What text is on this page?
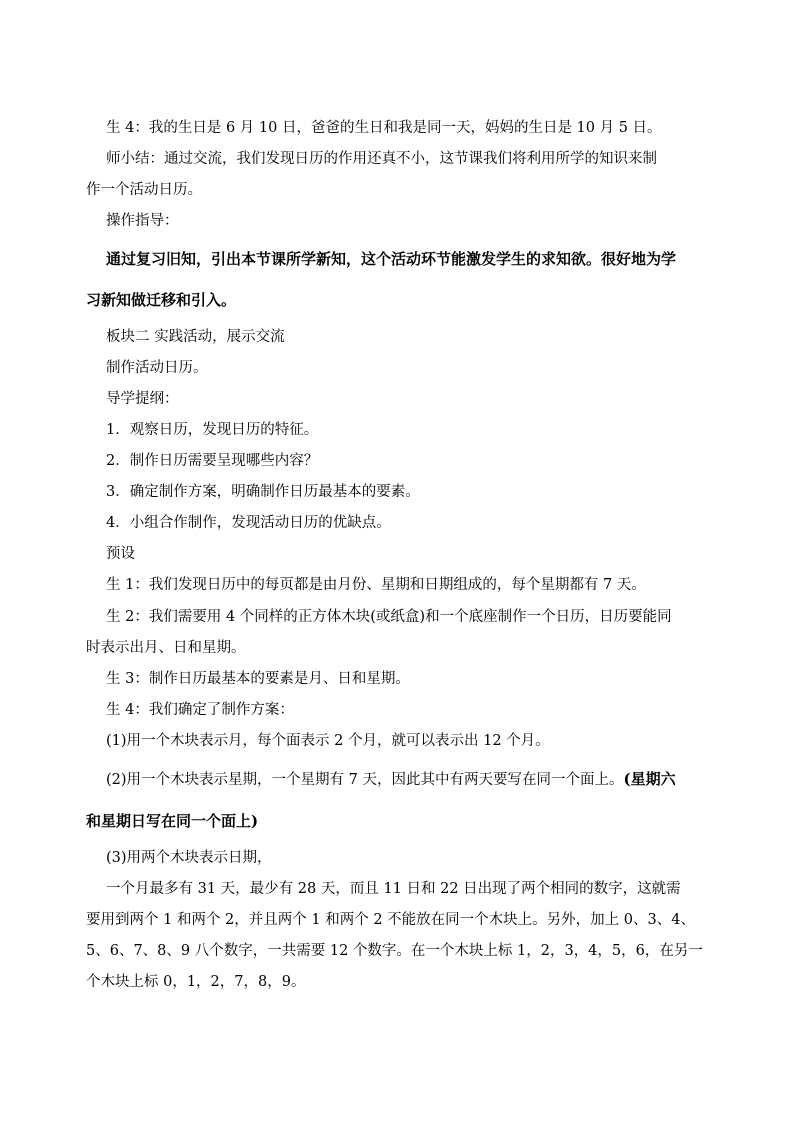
生 4：我的生日是 6 月 10 日，爸爸的生日和我是同一天，妈妈的生日是 10 月 5 日。
师小结：通过交流，我们发现日历的作用还真不小，这节课我们将利用所学的知识来制
作一个活动日历。
操作指导：
通过复习旧知，引出本节课所学新知，这个活动环节能激发学生的求知欲。很好地为学
习新知做迁移和引入。
板块二 实践活动，展示交流
制作活动日历。
导学提纲：
1．观察日历，发现日历的特征。
2．制作日历需要呈现哪些内容？
3．确定制作方案，明确制作日历最基本的要素。
4．小组合作制作，发现活动日历的优缺点。
预设
生 1：我们发现日历中的每页都是由月份、星期和日期组成的，每个星期都有 7 天。
生 2：我们需要用 4 个同样的正方体木块(或纸盒)和一个底座制作一个日历，日历要能同
时表示出月、日和星期。
生 3：制作日历最基本的要素是月、日和星期。
生 4：我们确定了制作方案：
(1)用一个木块表示月，每个面表示 2 个月，就可以表示出 12 个月。
(2)用一个木块表示星期，一个星期有 7 天，因此其中有两天要写在同一个面上。(星期六
和星期日写在同一个面上)
(3)用两个木块表示日期，
一个月最多有 31 天，最少有 28 天，而且 11 日和 22 日出现了两个相同的数字，这就需
要用到两个 1 和两个 2，并且两个 1 和两个 2 不能放在同一个木块上。另外，加上 0、3、4、
5、6、7、8、9 八个数字，一共需要 12 个数字。在一个木块上标 1，2，3，4，5，6，在另一
个木块上标 0，1，2，7，8，9。
